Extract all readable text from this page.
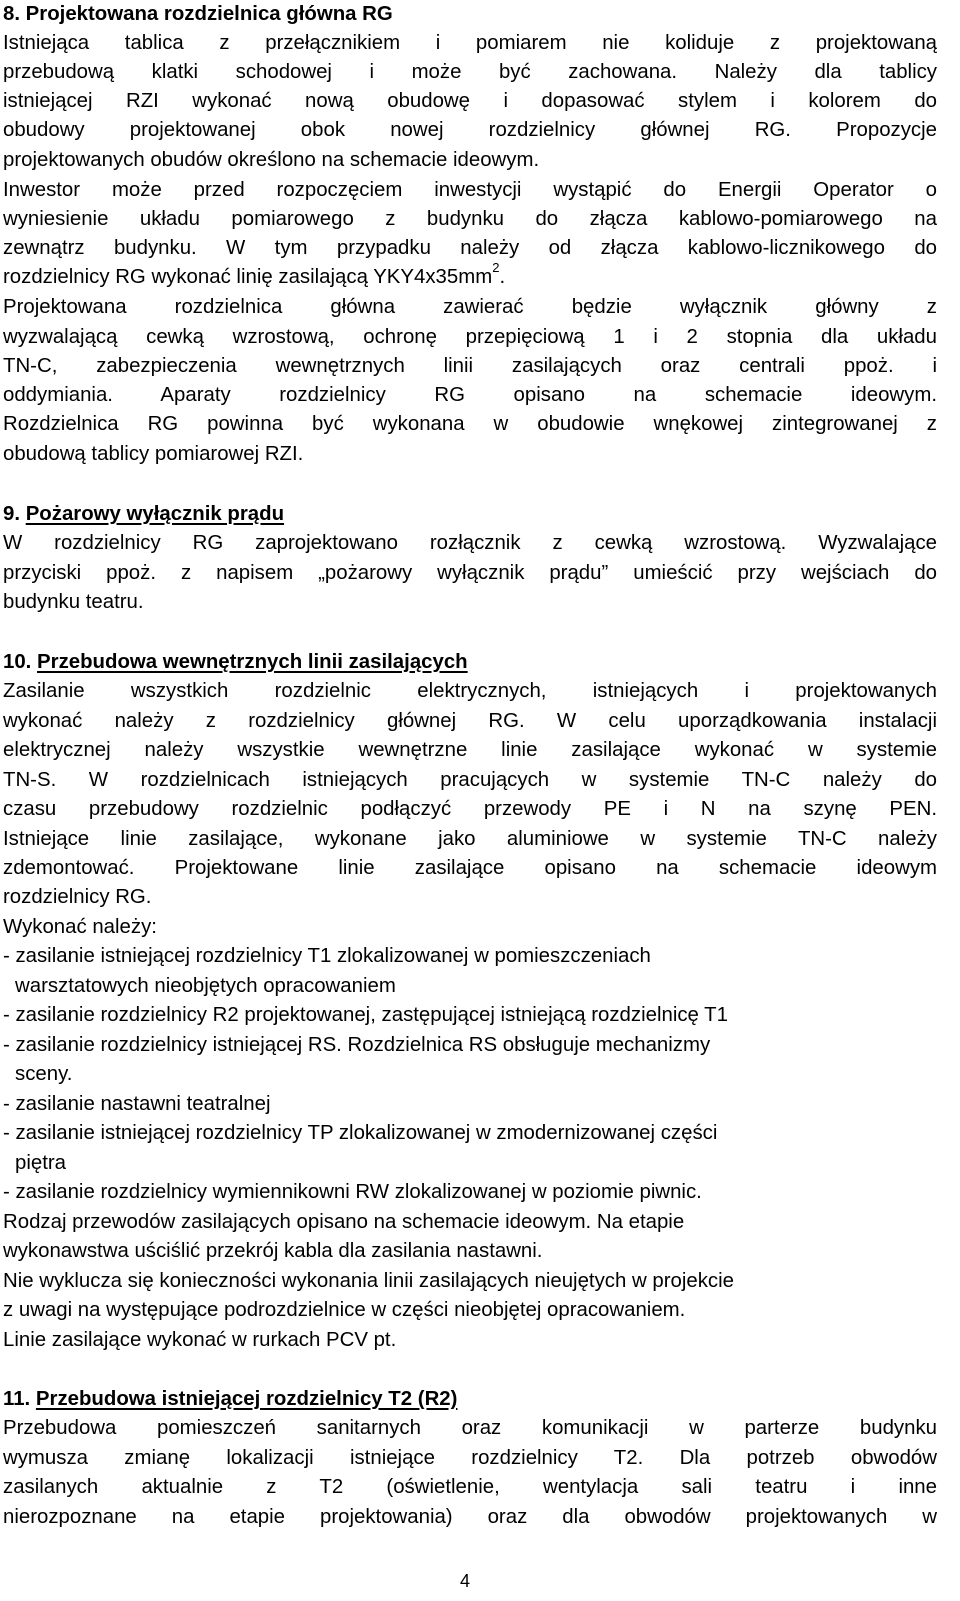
8. Projektowana rozdzielnica główna RG
Istniejąca tablica z przełącznikiem i pomiarem nie koliduje z projektowaną
przebudową klatki schodowej i może być zachowana. Należy dla tablicy
istniejącej RZI wykonać nową obudowę i dopasować stylem i kolorem do
obudowy projektowanej obok nowej rozdzielnicy głównej RG. Propozycje
projektowanych obudów określono na schemacie ideowym.
Inwestor może przed rozpoczęciem inwestycji wystąpić do Energii Operator o
wyniesienie układu pomiarowego z budynku do złącza kablowo-pomiarowego na
zewnątrz budynku. W tym przypadku należy od złącza kablowo-licznikowego do
rozdzielnicy RG wykonać linię zasilającą $YKY4x35mm^2$.
Projektowana rozdzielnica główna zawierać będzie wyłącznik główny z
wyzwalającą cewką wzrostową, ochronę przepięciową 1 i 2 stopnia dla układu
TN-C, zabezpieczenia wewnętrznych linii zasilających oraz centrali ppoż. i
oddymiania. Aparaty rozdzielnicy RG opisano na schemacie ideowym.
Rozdzielnica RG powinna być wykonana w obudowie wnękowej zintegrowanej z
obudową tablicy pomiarowej RZI.
9. Pożarowy wyłącznik prądu
W rozdzielnicy RG zaprojektowano rozłącznik z cewką wzrostową. Wyzwalające
przyciski ppoż. z napisem „pożarowy wyłącznik prądu” umieścić przy wejściach do
budynku teatru.
10. Przebudowa wewnętrznych linii zasilających
Zasilanie wszystkich rozdzielnic elektrycznych, istniejących i projektowanych
wykonać należy z rozdzielnicy głównej RG. W celu uporządkowania instalacji
elektrycznej należy wszystkie wewnętrzne linie zasilające wykonać w systemie
TN-S. W rozdzielnicach istniejących pracujących w systemie TN-C należy do
czasu przebudowy rozdzielnic podłączyć przewody PE i N na szynę PEN.
Istniejące linie zasilające, wykonane jako aluminiowe w systemie TN-C należy
zdemontować. Projektowane linie zasilające opisano na schemacie ideowym
rozdzielnicy RG.
Wykonać należy:
- zasilanie istniejącej rozdzielnicy T1 zlokalizowanej w pomieszczeniach
warsztatowych nieobjętych opracowaniem
- zasilanie rozdzielnicy R2 projektowanej, zastępującej istniejącą rozdzielnicę T1
- zasilanie rozdzielnicy istniejącej RS. Rozdzielnica RS obsługuje mechanizmy
sceny.
- zasilanie nastawni teatralnej
- zasilanie istniejącej rozdzielnicy TP zlokalizowanej w zmodernizowanej części
piętra
- zasilanie rozdzielnicy wymiennikowni RW zlokalizowanej w poziomie piwnic.
Rodzaj przewodów zasilających opisano na schemacie ideowym. Na etapie
wykonawstwa uściślić przekrój kabla dla zasilania nastawni.
Nie wyklucza się konieczności wykonania linii zasilających nieujętych w projekcie
z uwagi na występujące podrozdzielnice w części nieobjętej opracowaniem.
Linie zasilające wykonać w rurkach PCV pt.
11. Przebudowa istniejącej rozdzielnicy T2 (R2)
Przebudowa pomieszczeń sanitarnych oraz komunikacji w parterze budynku
wymusza zmianę lokalizacji istniejące rozdzielnicy T2. Dla potrzeb obwodów
zasilanych aktualnie z T2 (oświetlenie, wentylacja sali teatru i inne
nierozpoznane na etapie projektowania) oraz dla obwodów projektowanych w
4
